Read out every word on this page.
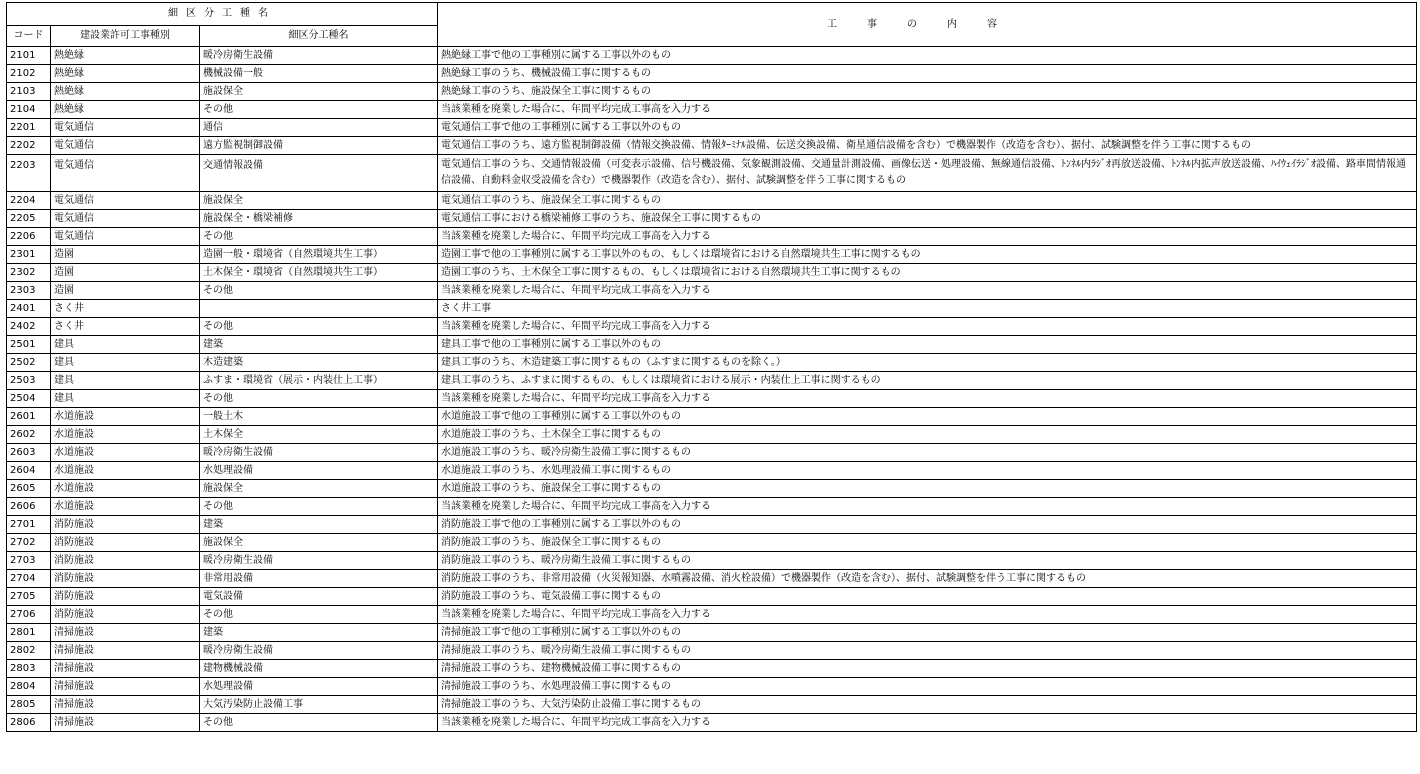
細区分工種名			工事の内容
コード	建設業許可工事種別	細区分工種名	
2101	熱絶縁	暖冷房衛生設備	熱絶縁工事で他の工事種別に属する工事以外のもの
2102	熱絶縁	機械設備一般	熱絶縁工事のうち、機械設備工事に関するもの
2103	熱絶縁	施設保全	熱絶縁工事のうち、施設保全工事に関するもの
2104	熱絶縁	その他	当該業種を廃業した場合に、年間平均完成工事高を入力する
2201	電気通信	通信	電気通信工事で他の工事種別に属する工事以外のもの
2202	電気通信	遠方監視制御設備	電気通信工事のうち、遠方監視制御設備（情報交換設備、情報ﾀｰﾐﾅﾙ設備、伝送交換設備、衛星通信設備を含む）で機器製作（改造を含む）、据付、試験調整を伴う工事に関するもの
2203	電気通信	交通情報設備	電気通信工事のうち、交通情報設備（可変表示設備、信号機設備、気象観測設備、交通量計測設備、画像伝送・処理設備、無線通信設備、ﾄﾝﾈﾙ内ﾗｼﾞｵ再放送設備、ﾄﾝﾈﾙ内拡声放送設備、ﾊｲｳｪｲﾗｼﾞｵ設備、路車間情報通信設備、自動料金収受設備を含む）で機器製作（改造を含む）、据付、試験調整を伴う工事に関するもの
2204	電気通信	施設保全	電気通信工事のうち、施設保全工事に関するもの
2205	電気通信	施設保全・橋梁補修	電気通信工事における橋梁補修工事のうち、施設保全工事に関するもの
2206	電気通信	その他	当該業種を廃業した場合に、年間平均完成工事高を入力する
2301	造園	造園一般・環境省（自然環境共生工事）	造園工事で他の工事種別に属する工事以外のもの、もしくは環境省における自然環境共生工事に関するもの
2302	造園	土木保全・環境省（自然環境共生工事）	造園工事のうち、土木保全工事に関するもの、もしくは環境省における自然環境共生工事に関するもの
2303	造園	その他	当該業種を廃業した場合に、年間平均完成工事高を入力する
2401	さく井		さく井工事
2402	さく井	その他	当該業種を廃業した場合に、年間平均完成工事高を入力する
2501	建具	建築	建具工事で他の工事種別に属する工事以外のもの
2502	建具	木造建築	建具工事のうち、木造建築工事に関するもの（ふすまに関するものを除く。）
2503	建具	ふすま・環境省（展示・内装仕上工事）	建具工事のうち、ふすまに関するもの、もしくは環境省における展示・内装仕上工事に関するもの
2504	建具	その他	当該業種を廃業した場合に、年間平均完成工事高を入力する
2601	水道施設	一般土木	水道施設工事で他の工事種別に属する工事以外のもの
2602	水道施設	土木保全	水道施設工事のうち、土木保全工事に関するもの
2603	水道施設	暖冷房衛生設備	水道施設工事のうち、暖冷房衛生設備工事に関するもの
2604	水道施設	水処理設備	水道施設工事のうち、水処理設備工事に関するもの
2605	水道施設	施設保全	水道施設工事のうち、施設保全工事に関するもの
2606	水道施設	その他	当該業種を廃業した場合に、年間平均完成工事高を入力する
2701	消防施設	建築	消防施設工事で他の工事種別に属する工事以外のもの
2702	消防施設	施設保全	消防施設工事のうち、施設保全工事に関するもの
2703	消防施設	暖冷房衛生設備	消防施設工事のうち、暖冷房衛生設備工事に関するもの
2704	消防施設	非常用設備	消防施設工事のうち、非常用設備（火災報知器、水噴霧設備、消火栓設備）で機器製作（改造を含む）、据付、試験調整を伴う工事に関するもの
2705	消防施設	電気設備	消防施設工事のうち、電気設備工事に関するもの
2706	消防施設	その他	当該業種を廃業した場合に、年間平均完成工事高を入力する
2801	清掃施設	建築	清掃施設工事で他の工事種別に属する工事以外のもの
2802	清掃施設	暖冷房衛生設備	清掃施設工事のうち、暖冷房衛生設備工事に関するもの
2803	清掃施設	建物機械設備	清掃施設工事のうち、建物機械設備工事に関するもの
2804	清掃施設	水処理設備	清掃施設工事のうち、水処理設備工事に関するもの
2805	清掃施設	大気汚染防止設備工事	清掃施設工事のうち、大気汚染防止設備工事に関するもの
2806	清掃施設	その他	当該業種を廃業した場合に、年間平均完成工事高を入力する
